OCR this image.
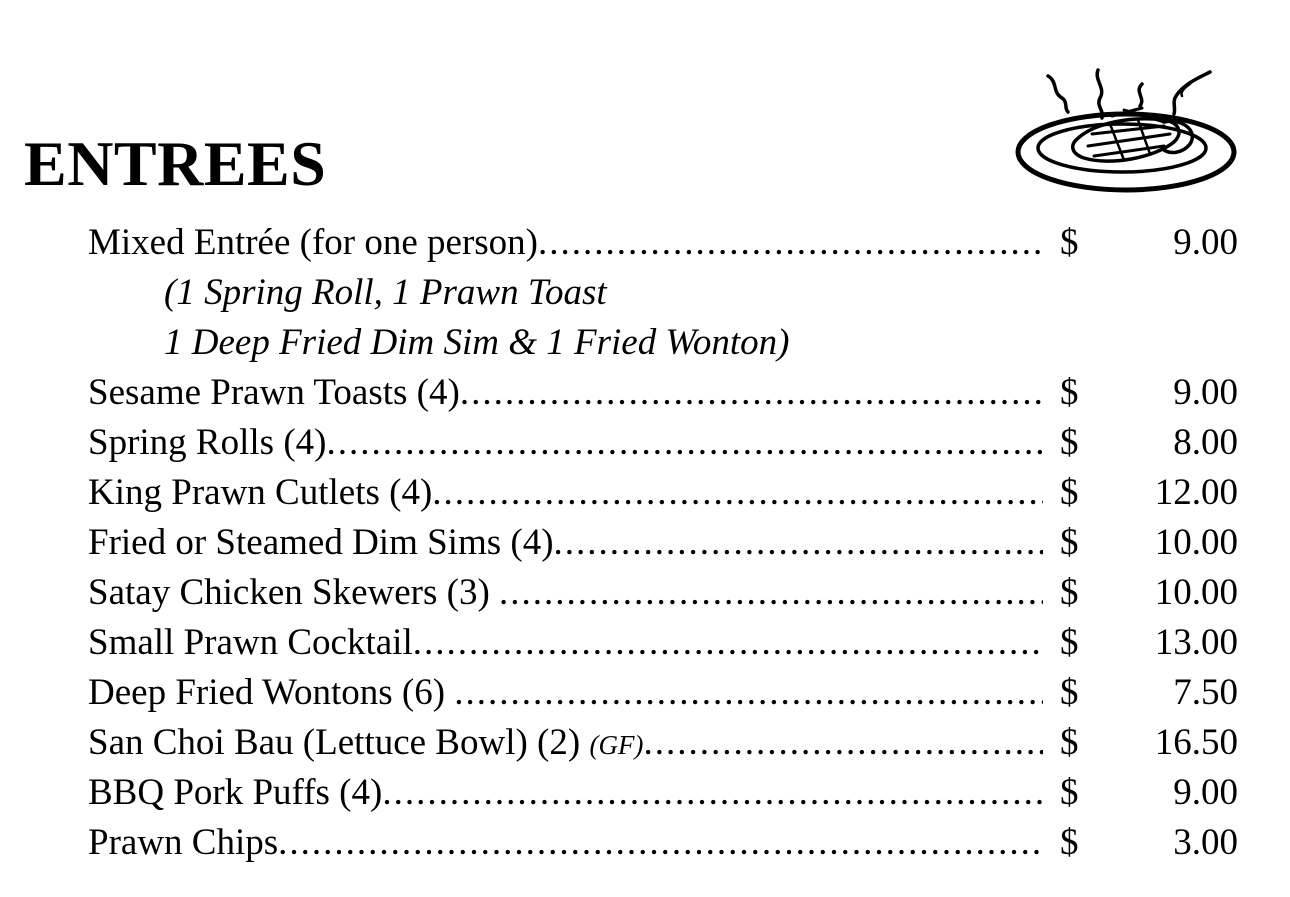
ENTREES
Mixed Entrée (for one person) .....	$	9.00
(1 Spring Roll, 1 Prawn Toast
1 Deep Fried Dim Sim & 1 Fried Wonton)
Sesame Prawn Toasts (4) .....	$	9.00
Spring Rolls (4) .....	$	8.00
King Prawn Cutlets (4) .....	$ 12.00
Fried or Steamed Dim Sims (4) .....	$ 10.00
Satay Chicken Skewers (3) .....	$ 10.00
Small Prawn Cocktail .....	$ 13.00
Deep Fried Wontons (6) .....	$	7.50
San Choi Bau (Lettuce Bowl) (2) (GF) .....	$ 16.50
BBQ Pork Puffs (4) .....	$	9.00
Prawn Chips .....	$	3.00
